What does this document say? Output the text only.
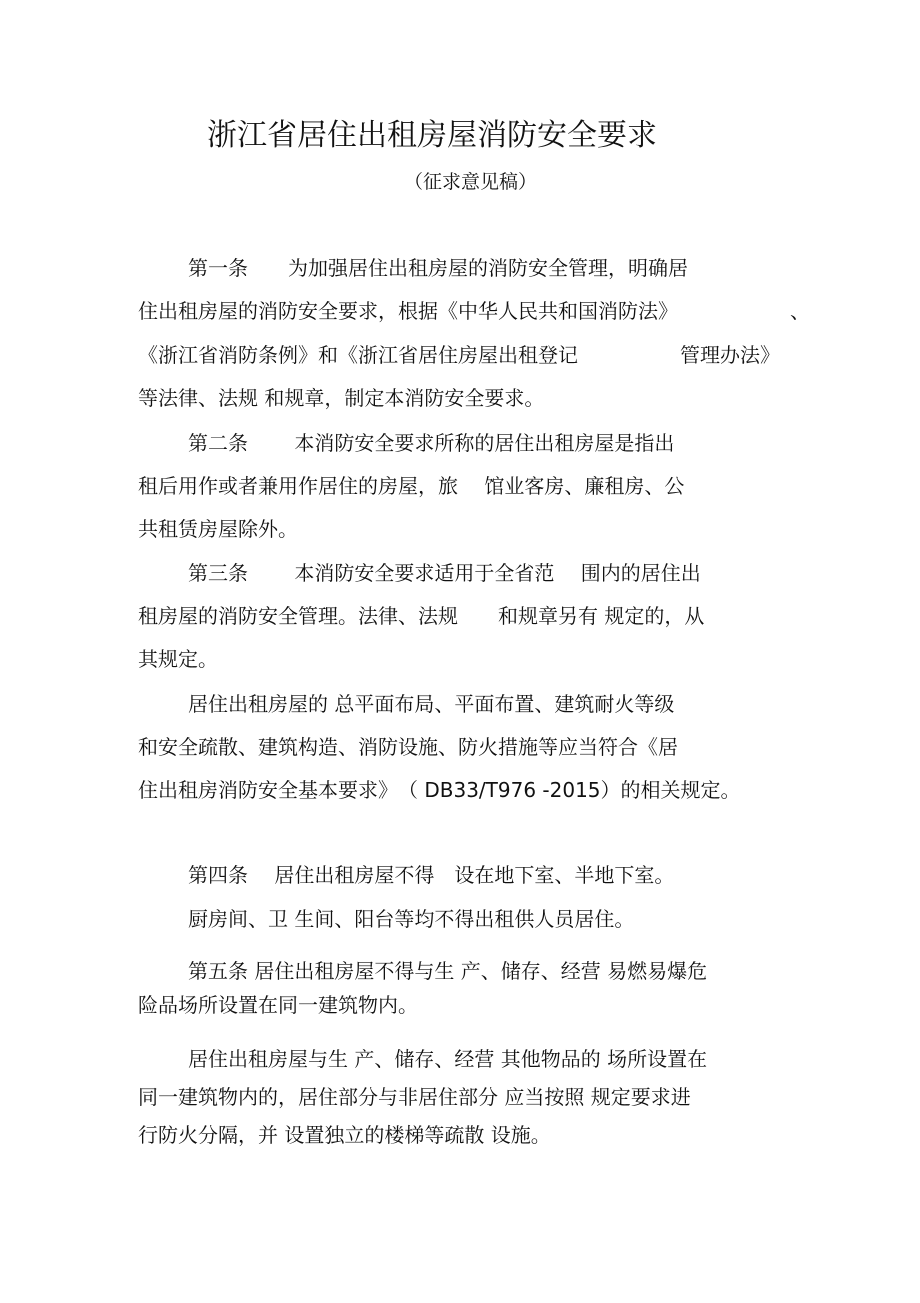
浙江省居住出租房屋消防安全要求
（征求意见稿）
第一条　　为加强居住出租房屋的消防安全管理，明确居
住出租房屋的消防安全要求，根据《中华人民共和国消防法》	、
《浙江省消防条例》和《浙江省居住房屋出租登记	管理办法》
等法律、法规 和规章，制定本消防安全要求。
第二条　　 本消防安全要求所称的居住出租房屋是指出
租后用作或者兼用作居住的房屋，旅　 馆业客房、廉租房、公
共租赁房屋除外。
第三条　　 本消防安全要求适用于全省范　 围内的居住出
租房屋的消防安全管理。法律、法规　　和规章另有 规定的，从
其规定。
居住出租房屋的 总平面布局、平面布置、建筑耐火等级
和安全疏散、建筑构造、消防设施、防火措施等应当符合《居
住出租房消防安全基本要求》　（ DB33/T976 -2015）的相关规定。
第四条　 居住出租房屋不得　设在地下室、半地下室。
厨房间、卫 生间、阳台等均不得出租供人员居住。
第五条 居住出租房屋不得与生 产、储存、经营 易燃易爆危
险品场所设置在同一建筑物内。
居住出租房屋与生 产、储存、经营 其他物品的 场所设置在
同一建筑物内的，居住部分与非居住部分 应当按照 规定要求进
行防火分隔，并 设置独立的楼梯等疏散 设施。
